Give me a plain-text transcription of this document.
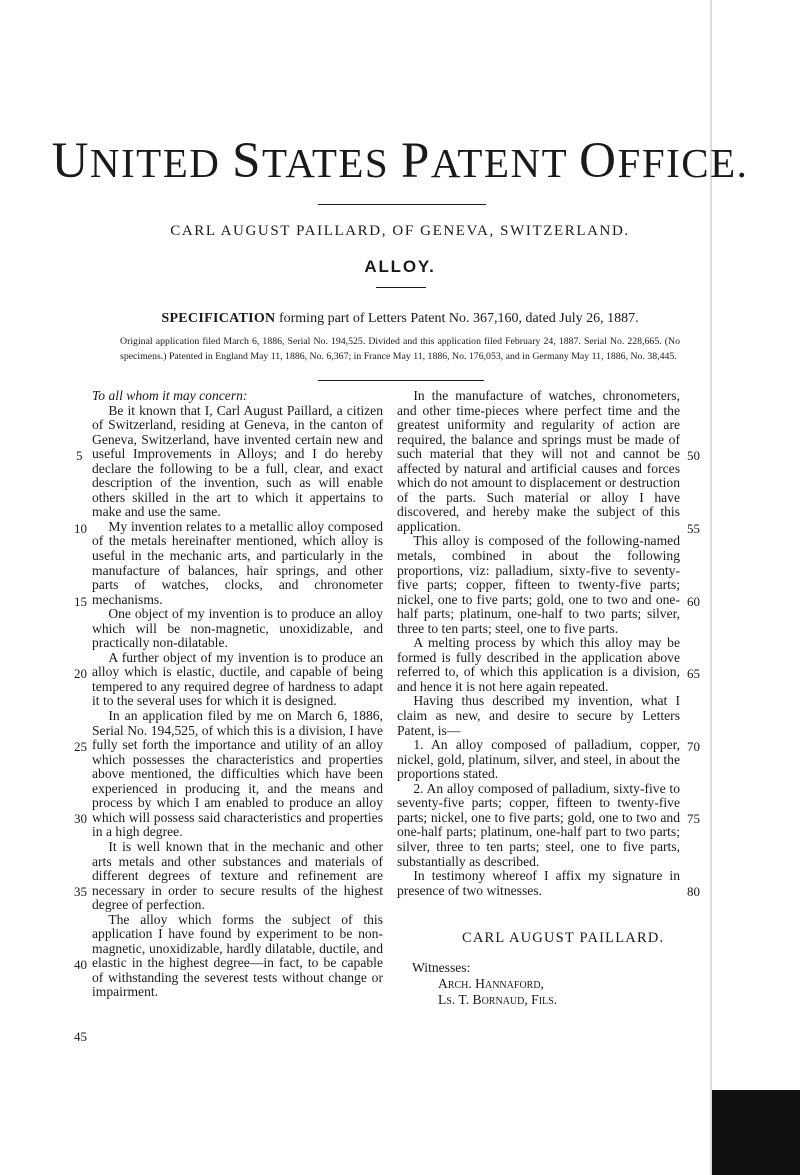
UNITED STATES PATENT OFFICE.
CARL AUGUST PAILLARD, OF GENEVA, SWITZERLAND.
ALLOY.
SPECIFICATION forming part of Letters Patent No. 367,160, dated July 26, 1887.
Original application filed March 6, 1886, Serial No. 194,525. Divided and this application filed February 24, 1887. Serial No. 228,665. (No specimens.) Patented in England May 11, 1886, No. 6,367; in France May 11, 1886, No. 176,053, and in Germany May 11, 1886, No. 38,445.

To all whom it may concern:

Be it known that I, Carl August Paillard, a citizen of Switzerland, residing at Geneva, in the canton of Geneva, Switzerland, have invented certain new and useful Improvements in Alloys; and I do hereby declare the following to be a full, clear, and exact description of the invention, such as will enable others skilled in the art to which it appertains to make and use the same.

My invention relates to a metallic alloy composed of the metals hereinafter mentioned, which alloy is useful in the mechanic arts, and particularly in the manufacture of balances, hair springs, and other parts of watches, clocks, and chronometer mechanisms.

One object of my invention is to produce an alloy which will be non-magnetic, unoxidizable, and practically non-dilatable.

A further object of my invention is to produce an alloy which is elastic, ductile, and capable of being tempered to any required degree of hardness to adapt it to the several uses for which it is designed.

In an application filed by me on March 6, 1886, Serial No. 194,525, of which this is a division, I have fully set forth the importance and utility of an alloy which possesses the characteristics and properties above mentioned, the difficulties which have been experienced in producing it, and the means and process by which I am enabled to produce an alloy which will possess said characteristics and properties in a high degree.

It is well known that in the mechanic and other arts metals and other substances and materials of different degrees of texture and refinement are necessary in order to secure results of the highest degree of perfection.

The alloy which forms the subject of this application I have found by experiment to be non-magnetic, unoxidizable, hardly dilatable, ductile, and elastic in the highest degree—in fact, to be capable of withstanding the severest tests without change or impairment.

In the manufacture of watches, chronometers, and other time-pieces where perfect time and the greatest uniformity and regularity of action are required, the balance and springs must be made of such material that they will not and cannot be affected by natural and artificial causes and forces which do not amount to displacement or destruction of the parts. Such material or alloy I have discovered, and hereby make the subject of this application.

This alloy is composed of the following-named metals, combined in about the following proportions, viz: palladium, sixty-five to seventy-five parts; copper, fifteen to twenty-five parts; nickel, one to five parts; gold, one to two and one-half parts; platinum, one-half to two parts; silver, three to ten parts; steel, one to five parts.

A melting process by which this alloy may be formed is fully described in the application above referred to, of which this application is a division, and hence it is not here again repeated.

Having thus described my invention, what I claim as new, and desire to secure by Letters Patent, is—

1. An alloy composed of palladium, copper, nickel, gold, platinum, silver, and steel, in about the proportions stated.

2. An alloy composed of palladium, sixty-five to seventy-five parts; copper, fifteen to twenty-five parts; nickel, one to five parts; gold, one to two and one-half parts; platinum, one-half part to two parts; silver, three to ten parts; steel, one to five parts, substantially as described.

In testimony whereof I affix my signature in presence of two witnesses.

CARL AUGUST PAILLARD.
Witnesses:
Arch. Hannaford,
Ls. T. Bornaud, Fils.
5
10
15
20
25
30
35
40
45
50
55
60
65
70
75
80
